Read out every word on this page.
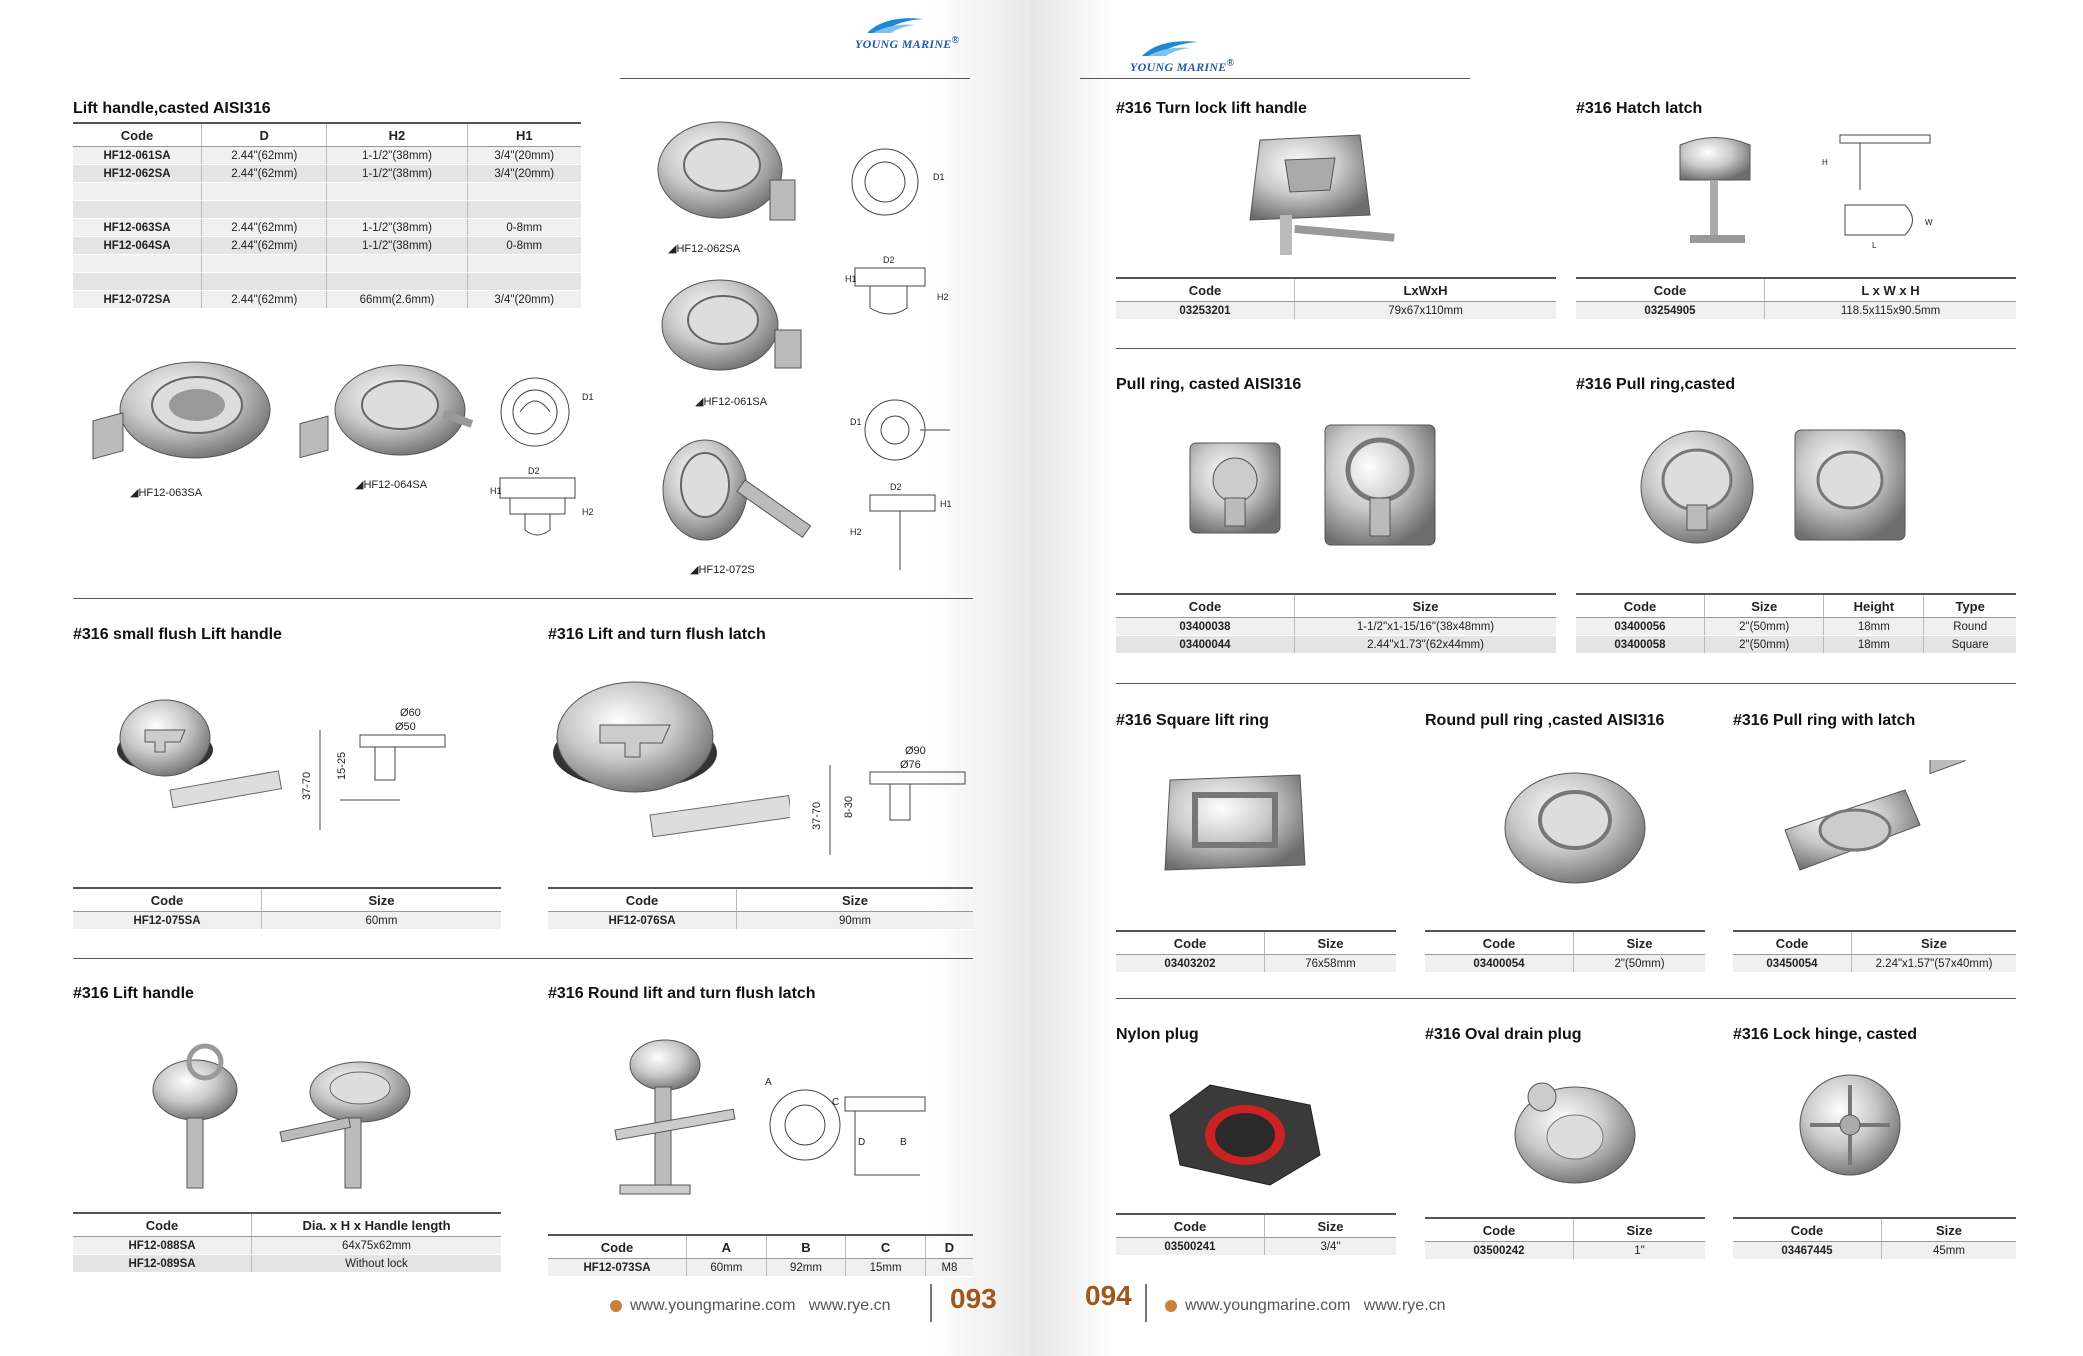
YOUNG MARINE®
Lift handle,casted AISI316
Code	D	H2	H1
HF12-061SA	2.44"(62mm)	1-1/2"(38mm)	3/4"(20mm)
HF12-062SA	2.44"(62mm)	1-1/2"(38mm)	3/4"(20mm)

HF12-063SA	2.44"(62mm)	1-1/2"(38mm)	0-8mm
HF12-064SA	2.44"(62mm)	1-1/2"(38mm)	0-8mm

HF12-072SA	2.44"(62mm)	66mm(2.6mm)	3/4"(20mm)
◢HF12-063SA
◢HF12-064SA
D1
D2
H1
H2
◢HF12-062SA
D1
D2
H1
H2
◢HF12-061SA
D1
D2
H1
H2
◢HF12-072S
#316 small flush Lift handle
Ø60
Ø50
37-70
15-25
Code	Size
HF12-075SA	60mm
#316 Lift and turn flush latch
Ø90
Ø76
37-70 8-30
Code	Size
HF12-076SA	90mm
#316 Lift handle
Code	Dia. x H x Handle length
HF12-088SA	64x75x62mm
HF12-089SA	Without lock
#316 Round lift and turn flush latch
A
C
B
D
Code	A	B	C	D
HF12-073SA	60mm	92mm	15mm	M8
www.youngmarine.com   www.rye.cn 093
YOUNG MARINE®
#316 Turn lock lift handle
Code	LxWxH
03253201	79x67x110mm
#316 Hatch latch
H
W
L
Code	L x W x H
03254905	118.5x115x90.5mm
Pull ring, casted AISI316
Code	Size
03400038	1-1/2"x1-15/16"(38x48mm)
03400044	2.44"x1.73"(62x44mm)
#316 Pull ring,casted
Code	Size	Height	Type
03400056	2"(50mm)	18mm	Round
03400058	2"(50mm)	18mm	Square
#316 Square lift ring
Code	Size
03403202	76x58mm
Round pull ring ,casted AISI316
Code	Size
03400054	2"(50mm)
#316 Pull ring with latch
Code	Size
03450054	2.24"x1.57"(57x40mm)
Nylon plug
Code	Size
03500241	3/4"
#316 Oval drain plug
Code	Size
03500242	1"
#316 Lock hinge, casted
Code	Size
03467445	45mm
094	www.youngmarine.com   www.rye.cn
